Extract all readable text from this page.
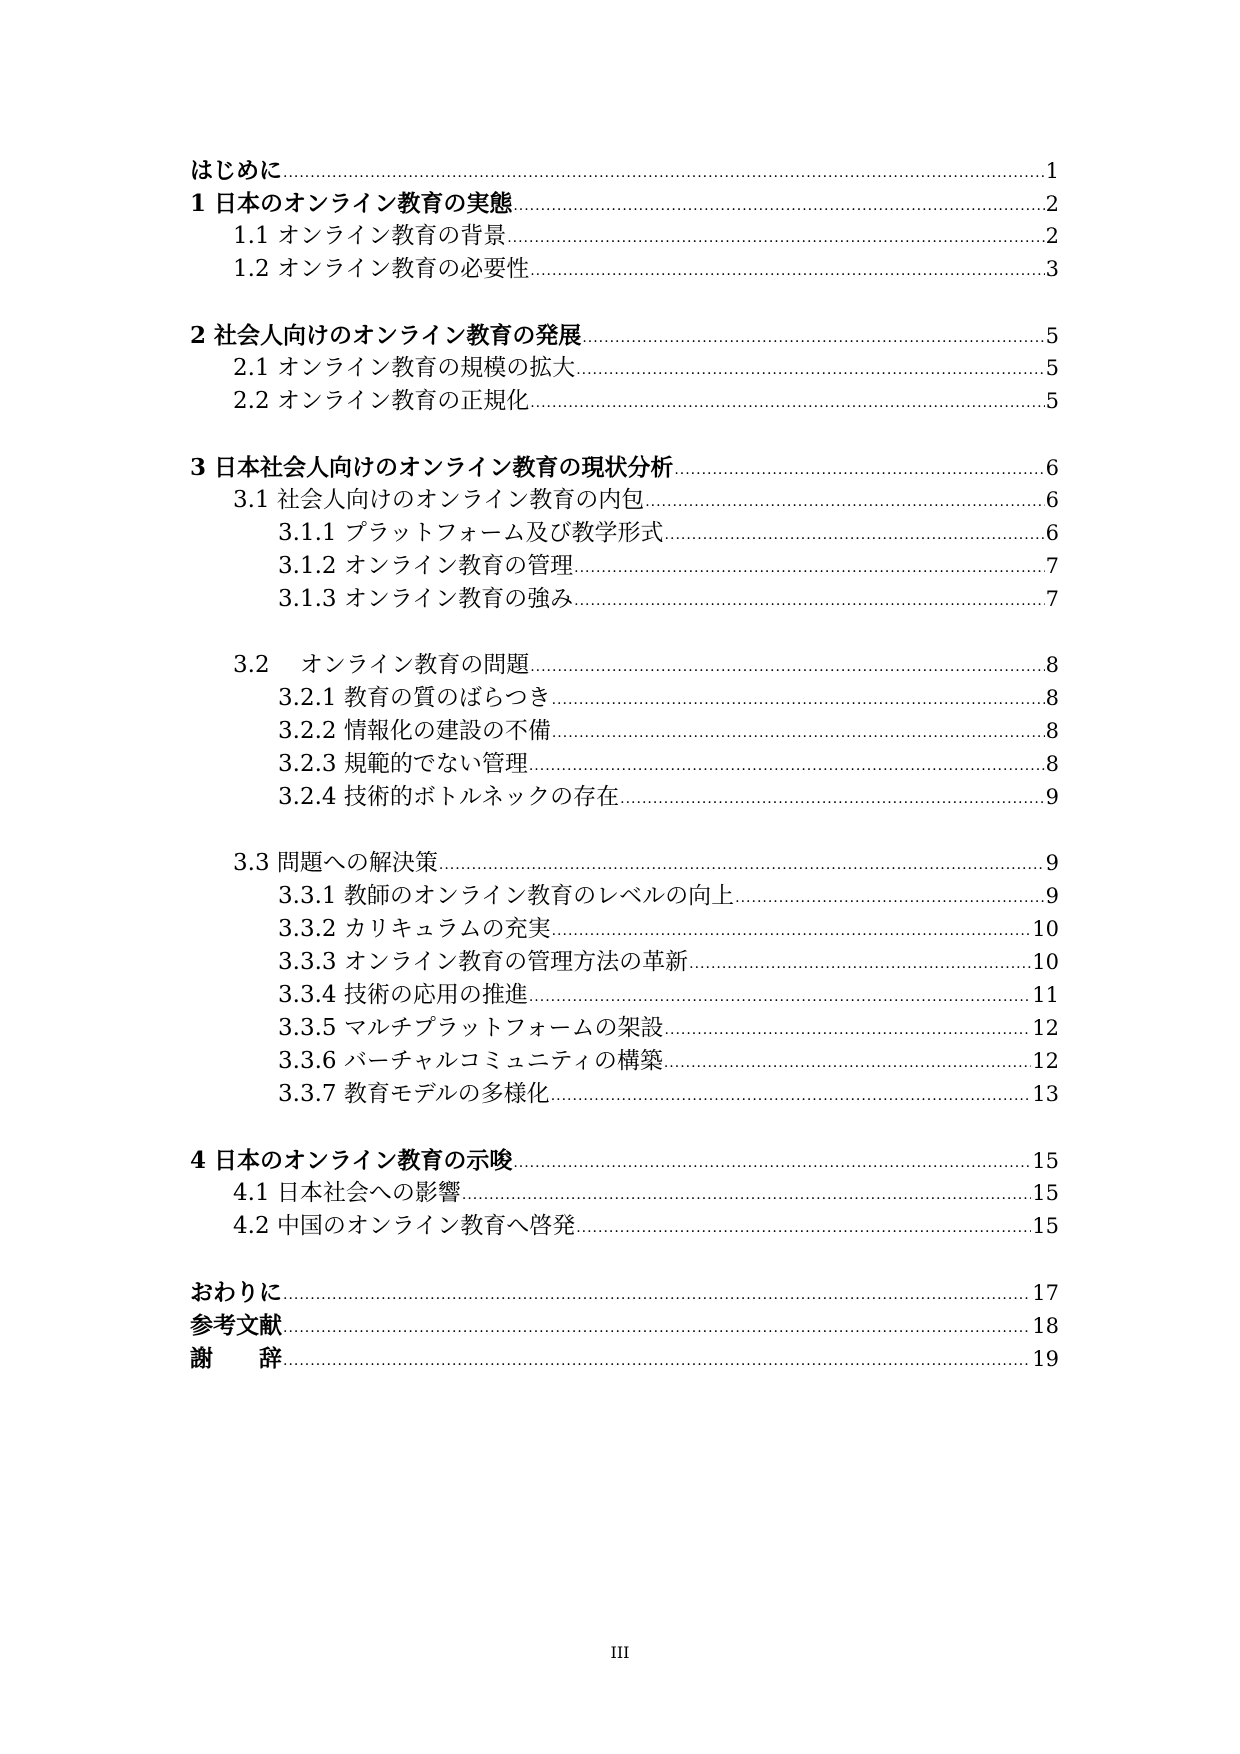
はじめに .....	1
1 日本のオンライン教育の実態 .....	2
1.1 オンライン教育の背景 .....	2
1.2 オンライン教育の必要性 .....	3
2 社会人向けのオンライン教育の発展 .....	5
2.1 オンライン教育の規模の拡大 .....	5
2.2 オンライン教育の正規化 .....	5
3 日本社会人向けのオンライン教育の現状分析 .....	6
3.1 社会人向けのオンライン教育の内包 .....	6
3.1.1 プラットフォーム及び教学形式 .....	6
3.1.2 オンライン教育の管理 .....	7
3.1.3 オンライン教育の強み .....	7
3.2　 オンライン教育の問題 .....	8
3.2.1 教育の質のばらつき .....	8
3.2.2 情報化の建設の不備 .....	8
3.2.3 規範的でない管理 .....	8
3.2.4 技術的ボトルネックの存在 .....	9
3.3 問題への解決策 .....	9
3.3.1 教師のオンライン教育のレベルの向上 .....	9
3.3.2 カリキュラムの充実 .....	10
3.3.3 オンライン教育の管理方法の革新 .....	10
3.3.4 技術の応用の推進 .....	11
3.3.5 マルチプラットフォームの架設 .....	12
3.3.6 バーチャルコミュニティの構築 .....	12
3.3.7 教育モデルの多様化 .....	13
4 日本のオンライン教育の示唆 .....	15
4.1 日本社会への影響 .....	15
4.2 中国のオンライン教育へ啓発 .....	15
おわりに .....	17
参考文献 .....	18
謝　　辞 .....	19
III
